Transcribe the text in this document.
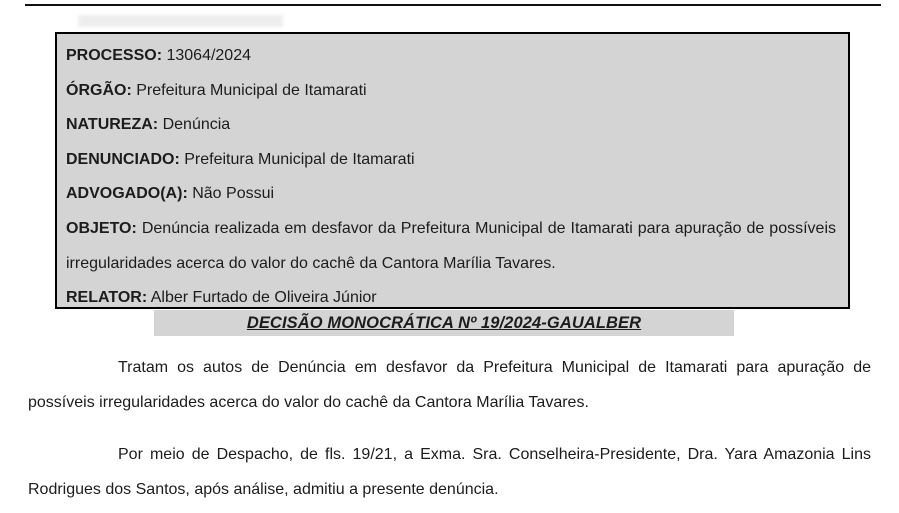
PROCESSO: 13064/2024
ÓRGÃO: Prefeitura Municipal de Itamarati
NATUREZA: Denúncia
DENUNCIADO: Prefeitura Municipal de Itamarati
ADVOGADO(A): Não Possui
OBJETO: Denúncia realizada em desfavor da Prefeitura Municipal de Itamarati para apuração de possíveis irregularidades acerca do valor do cachê da Cantora Marília Tavares.
RELATOR: Alber Furtado de Oliveira Júnior
DECISÃO MONOCRÁTICA Nº 19/2024-GAUALBER

Tratam os autos de Denúncia em desfavor da Prefeitura Municipal de Itamarati para apuração de possíveis irregularidades acerca do valor do cachê da Cantora Marília Tavares.

Por meio de Despacho, de fls. 19/21, a Exma. Sra. Conselheira-Presidente, Dra. Yara Amazonia Lins Rodrigues dos Santos, após análise, admitiu a presente denúncia.
